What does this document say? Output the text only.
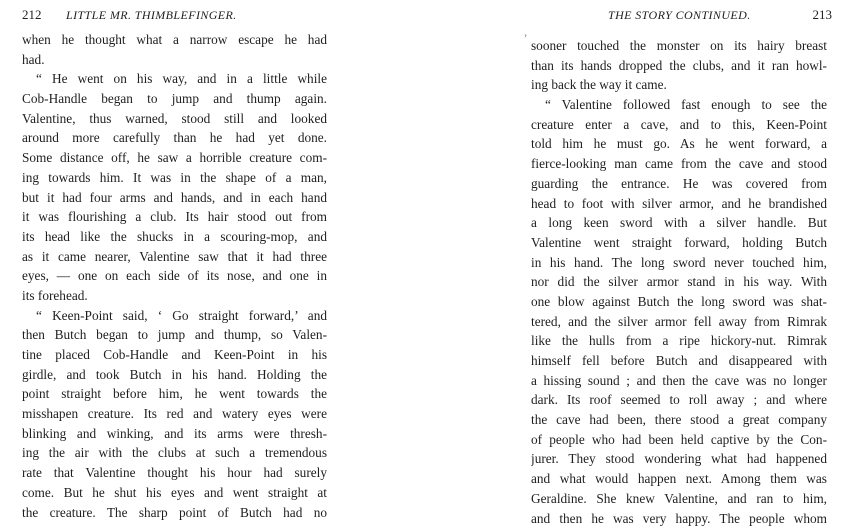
212 LITTLE MR. THIMBLEFINGER.
when he thought what a narrow escape he had
had.
“ He went on his way, and in a little while
Cob-Handle began to jump and thump again.
Valentine, thus warned, stood still and looked
around more carefully than he had yet done.
Some distance off, he saw a horrible creature com-
ing towards him. It was in the shape of a man,
but it had four arms and hands, and in each hand
it was flourishing a club. Its hair stood out from
its head like the shucks in a scouring-mop, and
as it came nearer, Valentine saw that it had three
eyes, — one on each side of its nose, and one in
its forehead.
“ Keen-Point said, ‘ Go straight forward,’ and
then Butch began to jump and thump, so Valen-
tine placed Cob-Handle and Keen-Point in his
girdle, and took Butch in his hand. Holding the
point straight before him, he went towards the
misshapen creature. Its red and watery eyes were
blinking and winking, and its arms were thresh-
ing the air with the clubs at such a tremendous
rate that Valentine thought his hour had surely
come. But he shut his eyes and went straight at
the creature. The sharp point of Butch had no
›
THE STORY CONTINUED.	213
sooner touched the monster on its hairy breast
than its hands dropped the clubs, and it ran howl-
ing back the way it came.
“ Valentine followed fast enough to see the
creature enter a cave, and to this, Keen-Point
told him he must go. As he went forward, a
fierce-looking man came from the cave and stood
guarding the entrance. He was covered from
head to foot with silver armor, and he brandished
a long keen sword with a silver handle. But
Valentine went straight forward, holding Butch
in his hand. The long sword never touched him,
nor did the silver armor stand in his way. With
one blow against Butch the long sword was shat-
tered, and the silver armor fell away from Rimrak
like the hulls from a ripe hickory-nut. Rimrak
himself fell before Butch and disappeared with
a hissing sound ; and then the cave was no longer
dark. Its roof seemed to roll away ; and where
the cave had been, there stood a great company
of people who had been held captive by the Con-
jurer. They stood wondering what had happened
and what would happen next. Among them was
Geraldine. She knew Valentine, and ran to him,
and then he was very happy. The people whom
